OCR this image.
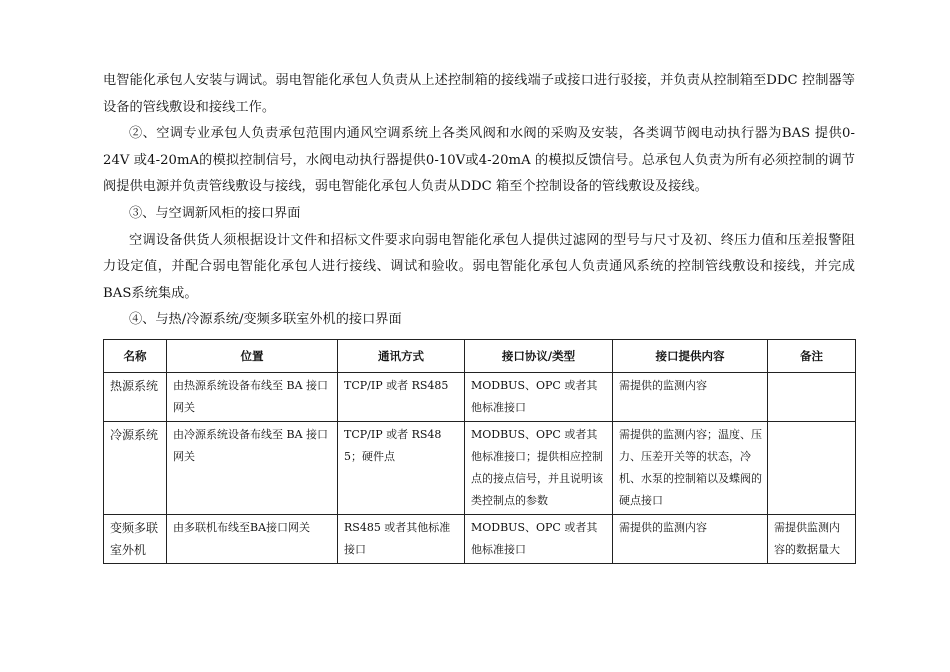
电智能化承包人安装与调试。弱电智能化承包人负责从上述控制箱的接线端子或接口进行驳接，并负责从控制箱至DDC 控制器等设备的管线敷设和接线工作。

②、空调专业承包人负责承包范围内通风空调系统上各类风阀和水阀的采购及安装，各类调节阀电动执行器为BAS 提供0-24V 或4-20mA的模拟控制信号，水阀电动执行器提供0-10V或4-20mA 的模拟反馈信号。总承包人负责为所有必须控制的调节阀提供电源并负责管线敷设与接线，弱电智能化承包人负责从DDC 箱至个控制设备的管线敷设及接线。

③、与空调新风柜的接口界面

空调设备供货人须根据设计文件和招标文件要求向弱电智能化承包人提供过滤网的型号与尺寸及初、终压力值和压差报警阻力设定值，并配合弱电智能化承包人进行接线、调试和验收。弱电智能化承包人负责通风系统的控制管线敷设和接线，并完成BAS系统集成。

④、与热/冷源系统/变频多联室外机的接口界面

名称	位置	通讯方式	接口协议/类型	接口提供内容	备注
热源系统	由热源系统设备布线至 BA 接口网关	TCP/IP 或者 RS485	MODBUS、OPC 或者其他标准接口	需提供的监测内容	
冷源系统	由冷源系统设备布线至 BA 接口网关	TCP/IP 或者 RS485；硬件点	MODBUS、OPC 或者其他标准接口；提供相应控制点的接点信号，并且说明该类控制点的参数	需提供的监测内容；温度、压力、压差开关等的状态，冷机、水泵的控制箱以及蝶阀的硬点接口	
变频多联室外机	由多联机布线至BA接口网关	RS485 或者其他标准接口	MODBUS、OPC 或者其他标准接口	需提供的监测内容	需提供监测内容的数据量大
